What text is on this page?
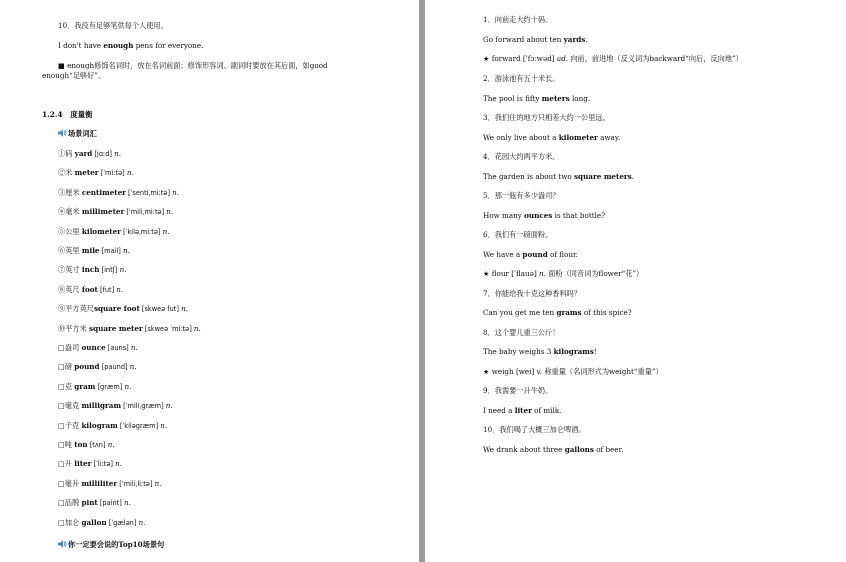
10．我没有足够笔供每个人使用。
I don't have enough pens for everyone.
■ enough修饰名词时，放在名词前面；修饰形容词、副词时要放在其后面，如good
enough“足够好”。
1.2.4 度量衡
场景词汇
①码 yard [jɑːd] n.
②米 meter [ˈmiːtə] n.
③厘米 centimeter [ˈsentiˌmiːtə] n.
④毫米 millimeter [ˈmiliˌmiːtə] n.
⑤公里 kilometer [ˈkiləˌmiːtə] n.
⑥英里 mile [mail] n.
⑦英寸 inch [intʃ] n.
⑧英尺 foot [fut] n.
⑨平方英尺square foot [skweə fut] n.
⑩平方米 square meter [skweə ˈmiːtə] n.
□盎司 ounce [auns] n.
□磅 pound [paund] n.
□克 gram [græm] n.
□毫克 milligram [ˈmiliˌgræm] n.
□千克 kilogram [ˈkiləgræm] n.
□吨 ton [tʌn] n.
□升 liter [ˈliːtə] n.
□毫升 milliliter [ˈmiliˌliːtə] n.
□品脱 pint [paint] n.
□加仑 gallon [ˈgælən] n.
你一定要会说的Top10场景句
1．向前走大约十码。
Go forward about ten yards.
★ forward [ˈfɔːwəd] ad. 向前，前进地（反义词为backward“向后，反向地”）
2．游泳池有五十米长。
The pool is fifty meters long.
3．我们住的地方只相差大约一公里远。
We only live about a kilometer away.
4．花园大约两平方米。
The garden is about two square meters.
5．那一瓶有多少盎司？
How many ounces is that bottle?
6．我们有一磅面粉。
We have a pound of flour.
★ flour [ˈflauə] n. 面粉（同音词为flower“花”）
7．你能给我十克这种香料吗？
Can you get me ten grams of this spice?
8．这个婴儿重三公斤！
The baby weighs 3 kilograms!
★ weigh [wei] v. 称重量（名词形式为weight“重量”）
9．我需要一升牛奶。
I need a liter of milk.
10．我们喝了大概三加仑啤酒。
We drank about three gallons of beer.
